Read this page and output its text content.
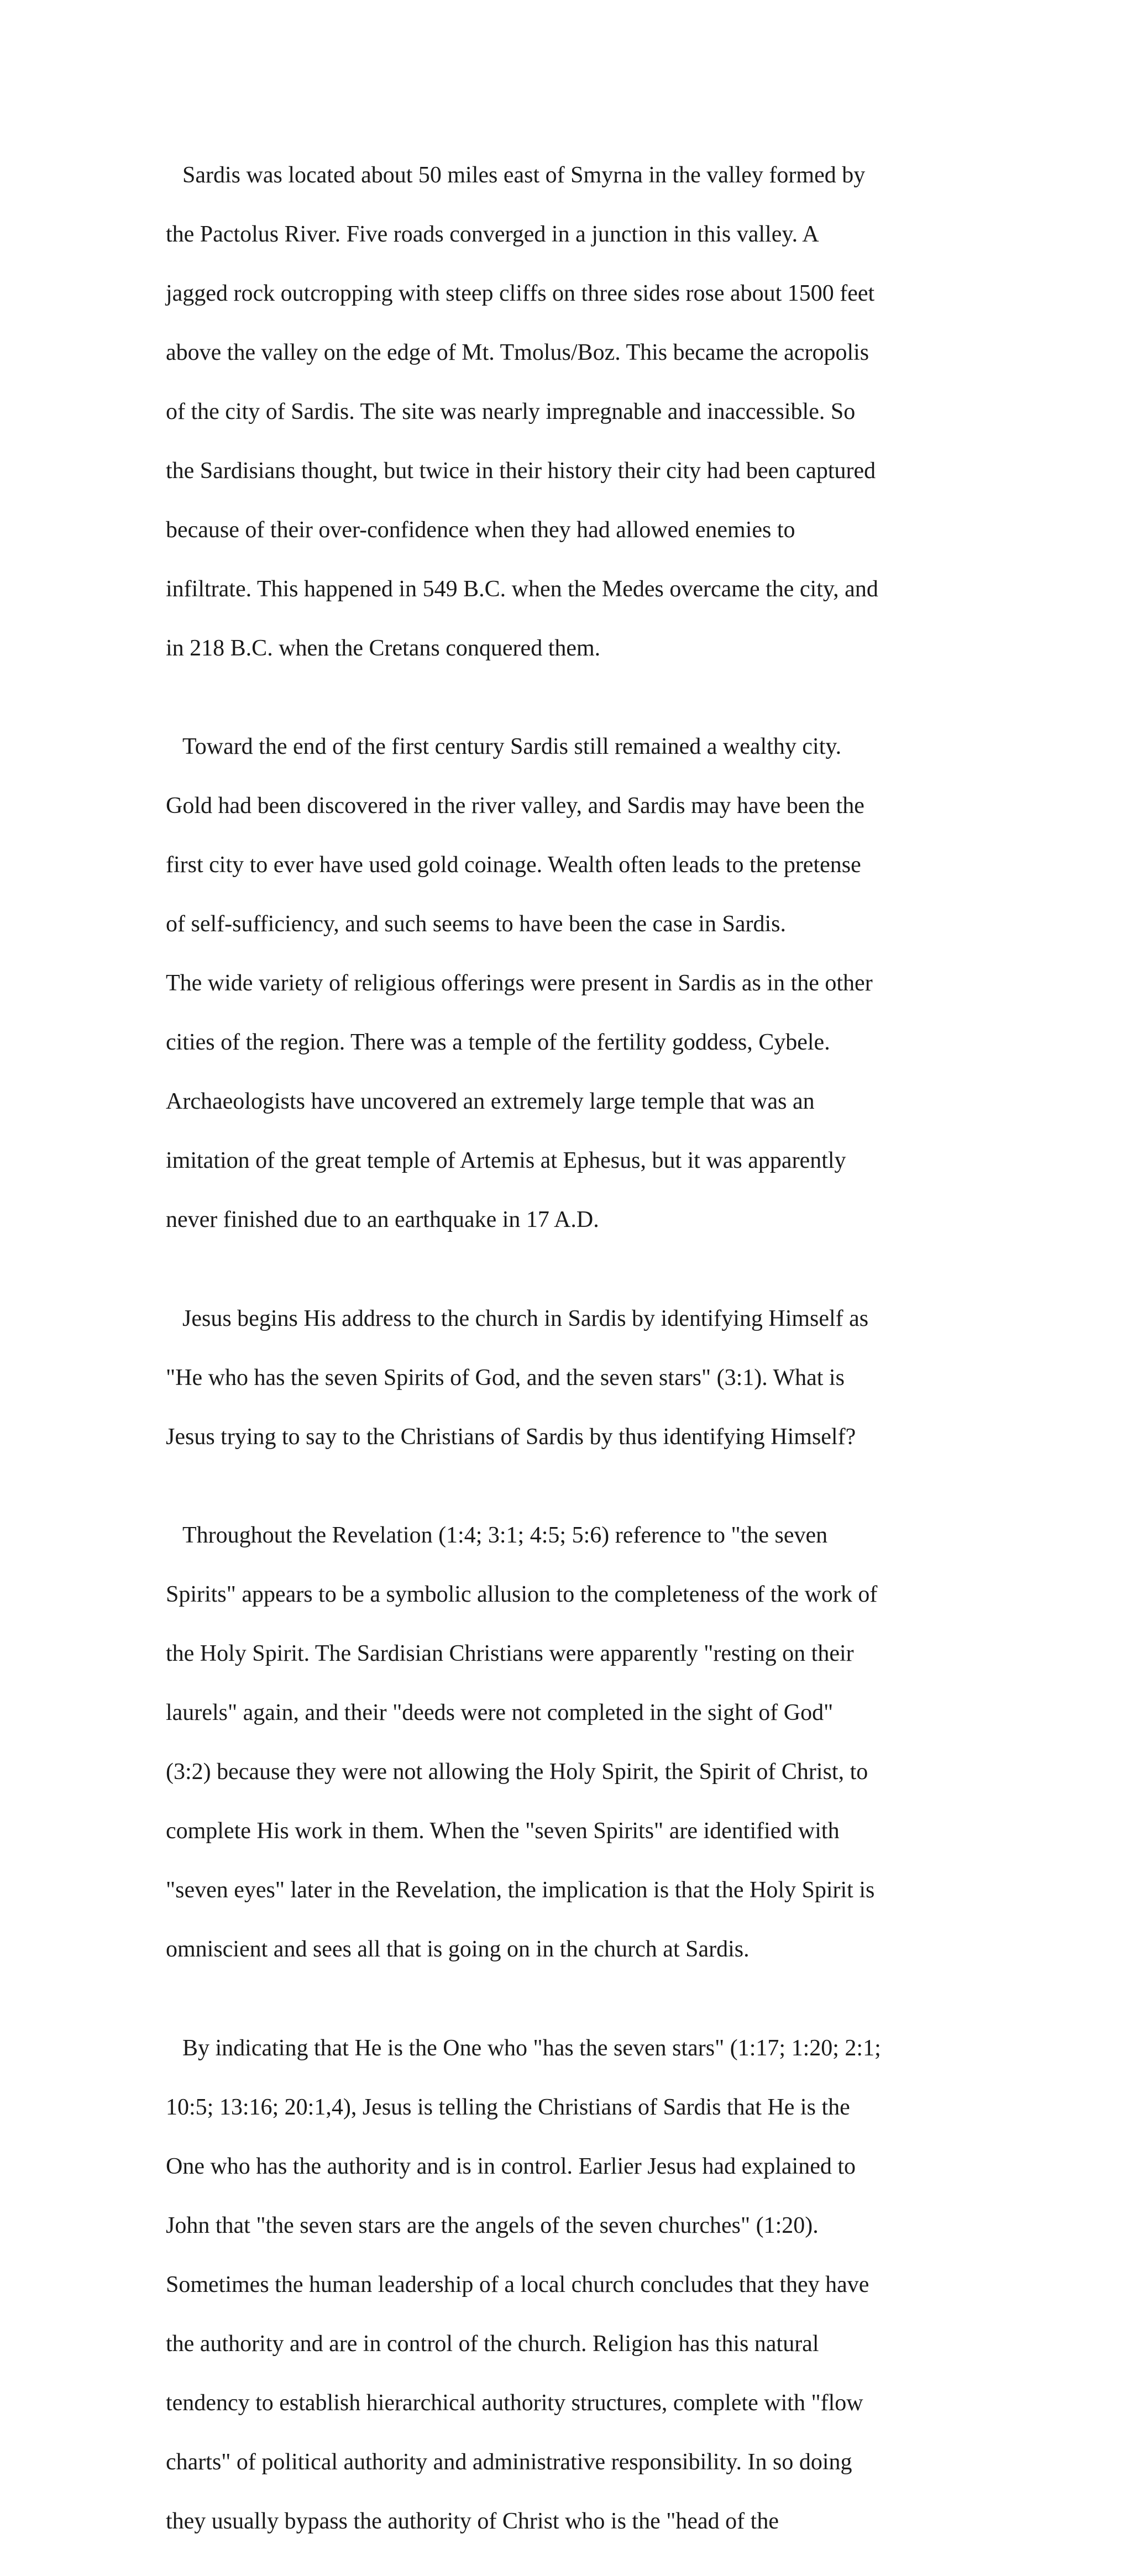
Sardis was located about 50 miles east of Smyrna in the valley formed by

the Pactolus River. Five roads converged in a junction in this valley. A

jagged rock outcropping with steep cliffs on three sides rose about 1500 feet

above the valley on the edge of Mt. Tmolus/Boz. This became the acropolis

of the city of Sardis. The site was nearly impregnable and inaccessible. So

the Sardisians thought, but twice in their history their city had been captured

because of their over-confidence when they had allowed enemies to

infiltrate. This happened in 549 B.C. when the Medes overcame the city, and

in 218 B.C. when the Cretans conquered them.

Toward the end of the first century Sardis still remained a wealthy city.

Gold had been discovered in the river valley, and Sardis may have been the

first city to ever have used gold coinage. Wealth often leads to the pretense

of self-sufficiency, and such seems to have been the case in Sardis.

The wide variety of religious offerings were present in Sardis as in the other

cities of the region. There was a temple of the fertility goddess, Cybele.

Archaeologists have uncovered an extremely large temple that was an

imitation of the great temple of Artemis at Ephesus, but it was apparently

never finished due to an earthquake in 17 A.D.

Jesus begins His address to the church in Sardis by identifying Himself as

"He who has the seven Spirits of God, and the seven stars" (3:1). What is

Jesus trying to say to the Christians of Sardis by thus identifying Himself?

Throughout the Revelation (1:4; 3:1; 4:5; 5:6) reference to "the seven

Spirits" appears to be a symbolic allusion to the completeness of the work of

the Holy Spirit. The Sardisian Christians were apparently "resting on their

laurels" again, and their "deeds were not completed in the sight of God"

(3:2) because they were not allowing the Holy Spirit, the Spirit of Christ, to

complete His work in them. When the "seven Spirits" are identified with

"seven eyes" later in the Revelation, the implication is that the Holy Spirit is

omniscient and sees all that is going on in the church at Sardis.

By indicating that He is the One who "has the seven stars" (1:17; 1:20; 2:1;

10:5; 13:16; 20:1,4), Jesus is telling the Christians of Sardis that He is the

One who has the authority and is in control. Earlier Jesus had explained to

John that "the seven stars are the angels of the seven churches" (1:20).

Sometimes the human leadership of a local church concludes that they have

the authority and are in control of the church. Religion has this natural

tendency to establish hierarchical authority structures, complete with "flow

charts" of political authority and administrative responsibility. In so doing

they usually bypass the authority of Christ who is the "head of the
